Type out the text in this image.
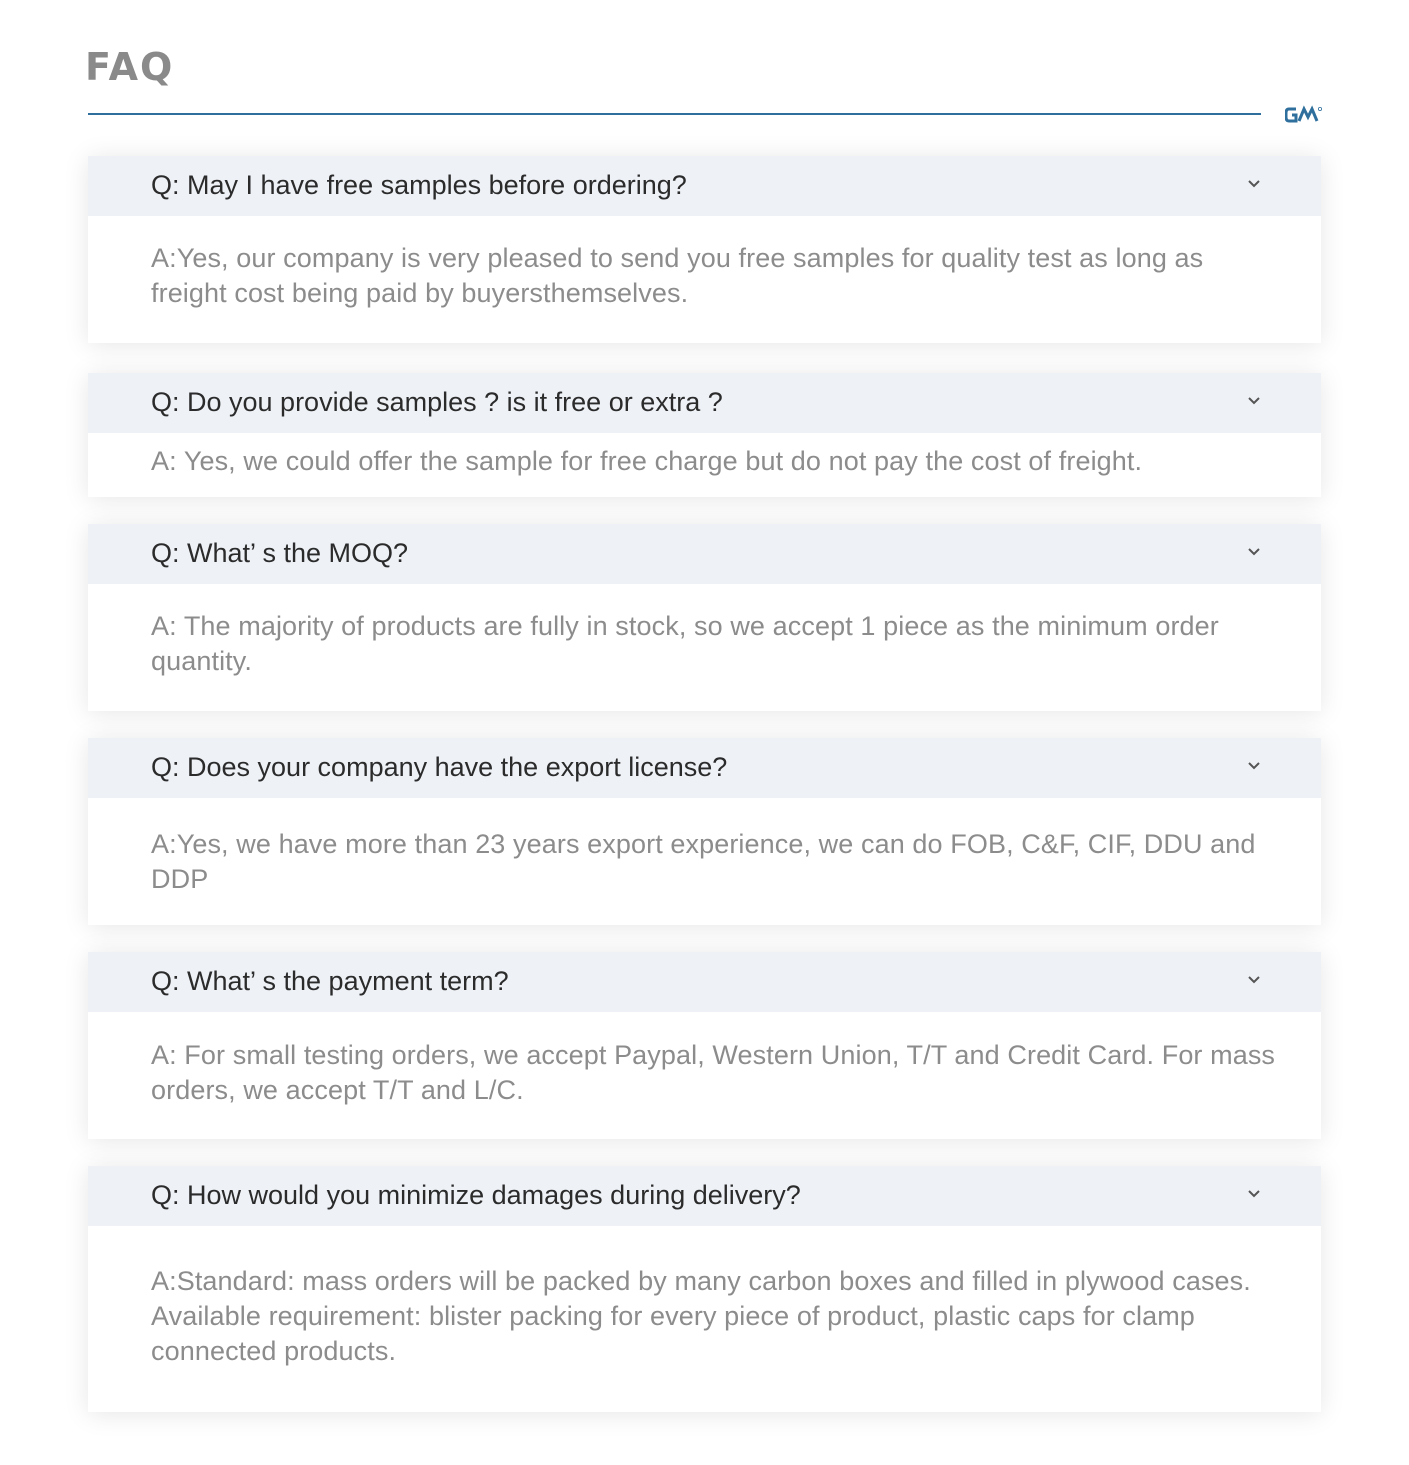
FAQ
Q: May I have free samples before ordering?
A:Yes, our company is very pleased to send you free samples for quality test as long as freight cost being paid by buyersthemselves.
Q: Do you provide samples ? is it free or extra ?
A: Yes, we could offer the sample for free charge but do not pay the cost of freight.
Q: What’ s the MOQ?
A: The majority of products are fully in stock, so we accept 1 piece as the minimum order quantity.
Q: Does your company have the export license?
A:Yes, we have more than 23 years export experience, we can do FOB, C&F, CIF, DDU and DDP
Q: What’ s the payment term?
A: For small testing orders, we accept Paypal, Western Union, T/T and Credit Card. For mass orders, we accept T/T and L/C.
Q: How would you minimize damages during delivery?
A:Standard: mass orders will be packed by many carbon boxes and filled in plywood cases. Available requirement: blister packing for every piece of product, plastic caps for clamp connected products.
